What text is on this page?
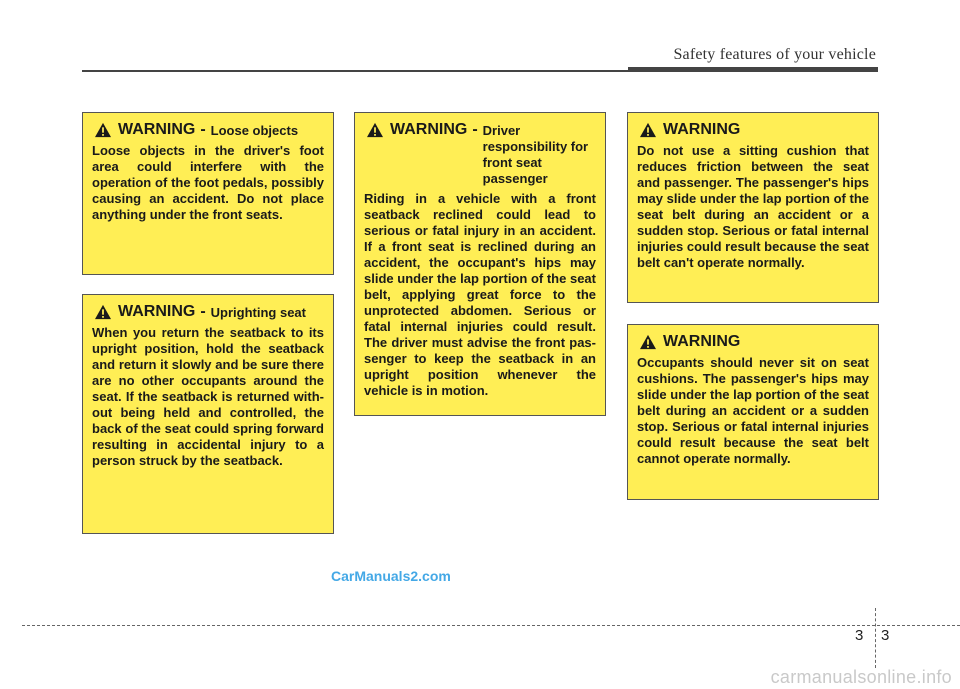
Safety features of your vehicle
WARNING - Loose objects
Loose objects in the driver's foot area could interfere with the operation of the foot pedals, possibly causing an accident. Do not place anything under the front seats.
WARNING - Uprighting seat
When you return the seatback to its upright position, hold the seatback and return it slowly and be sure there are no other occupants around the seat. If the seatback is returned without being held and controlled, the back of the seat could spring forward resulting in accidental injury to a person struck by the seatback.
WARNING - Driver responsibility for front seat passenger
Riding in a vehicle with a front seatback reclined could lead to serious or fatal injury in an accident. If a front seat is reclined during an accident, the occupant's hips may slide under the lap portion of the seat belt, applying great force to the unprotected abdomen. Serious or fatal internal injuries could result. The driver must advise the front passenger to keep the seatback in an upright position whenever the vehicle is in motion.
WARNING
Do not use a sitting cushion that reduces friction between the seat and passenger. The passenger's hips may slide under the lap portion of the seat belt during an accident or a sudden stop. Serious or fatal internal injuries could result because the seat belt can't operate normally.
WARNING
Occupants should never sit on seat cushions. The passenger's hips may slide under the lap portion of the seat belt during an accident or a sudden stop. Serious or fatal internal injuries could result because the seat belt cannot operate normally.
CarManuals2.com
3 3
carmanualsonline.info
